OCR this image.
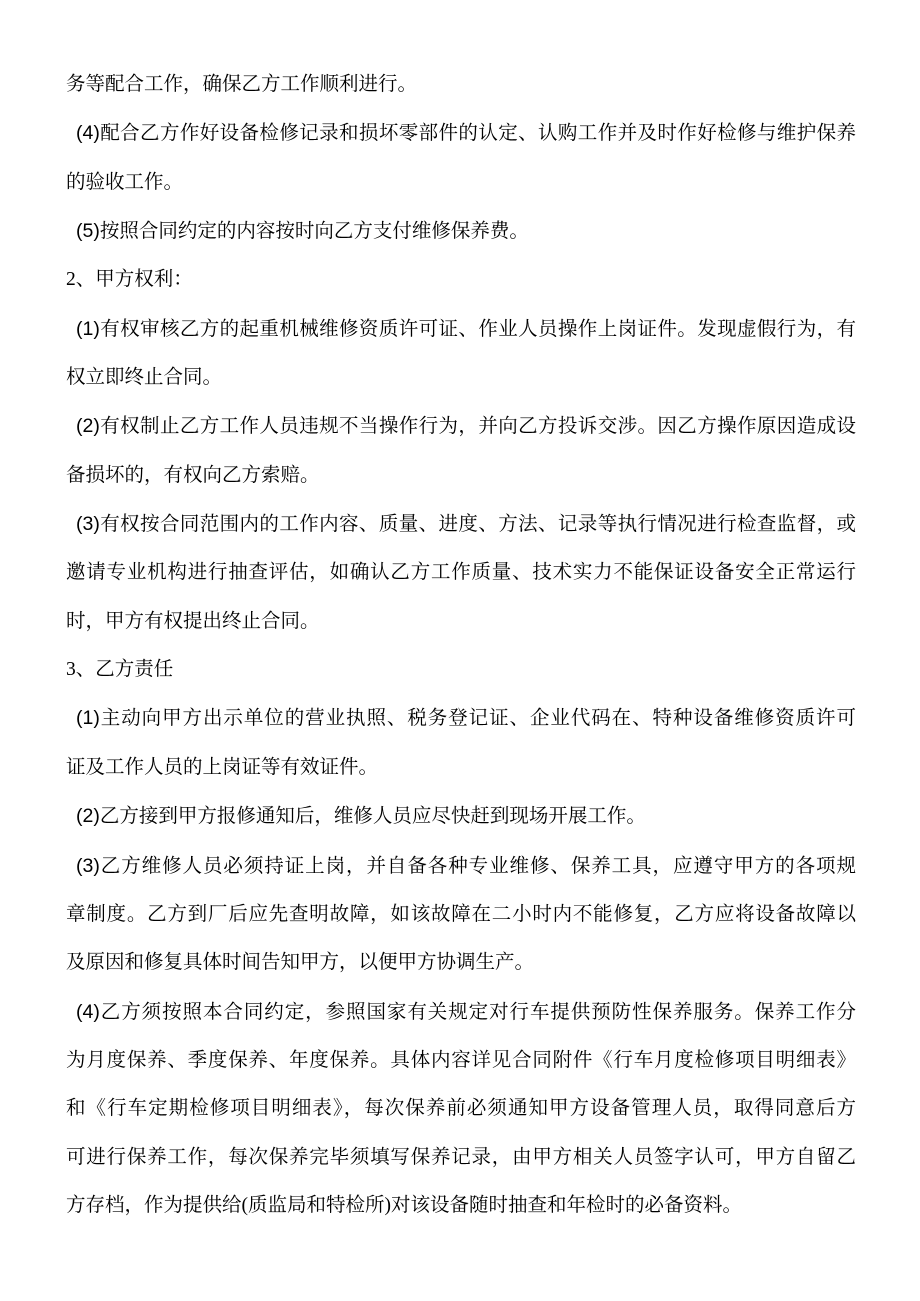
务等配合工作，确保乙方工作顺利进行。
(4)配合乙方作好设备检修记录和损坏零部件的认定、认购工作并及时作好检修与维护保养
的验收工作。
(5)按照合同约定的内容按时向乙方支付维修保养费。
2、甲方权利：
(1)有权审核乙方的起重机械维修资质许可证、作业人员操作上岗证件。发现虚假行为，有
权立即终止合同。
(2)有权制止乙方工作人员违规不当操作行为，并向乙方投诉交涉。因乙方操作原因造成设
备损坏的，有权向乙方索赔。
(3)有权按合同范围内的工作内容、质量、进度、方法、记录等执行情况进行检查监督，或
邀请专业机构进行抽查评估，如确认乙方工作质量、技术实力不能保证设备安全正常运行
时，甲方有权提出终止合同。
3、乙方责任
(1)主动向甲方出示单位的营业执照、税务登记证、企业代码在、特种设备维修资质许可
证及工作人员的上岗证等有效证件。
(2)乙方接到甲方报修通知后，维修人员应尽快赶到现场开展工作。
(3)乙方维修人员必须持证上岗，并自备各种专业维修、保养工具，应遵守甲方的各项规
章制度。乙方到厂后应先查明故障，如该故障在二小时内不能修复，乙方应将设备故障以
及原因和修复具体时间告知甲方，以便甲方协调生产。
(4)乙方须按照本合同约定，参照国家有关规定对行车提供预防性保养服务。保养工作分
为月度保养、季度保养、年度保养。具体内容详见合同附件《行车月度检修项目明细表》
和《行车定期检修项目明细表》，每次保养前必须通知甲方设备管理人员，取得同意后方
可进行保养工作，每次保养完毕须填写保养记录，由甲方相关人员签字认可，甲方自留乙
方存档，作为提供给(质监局和特检所)对该设备随时抽查和年检时的必备资料。
